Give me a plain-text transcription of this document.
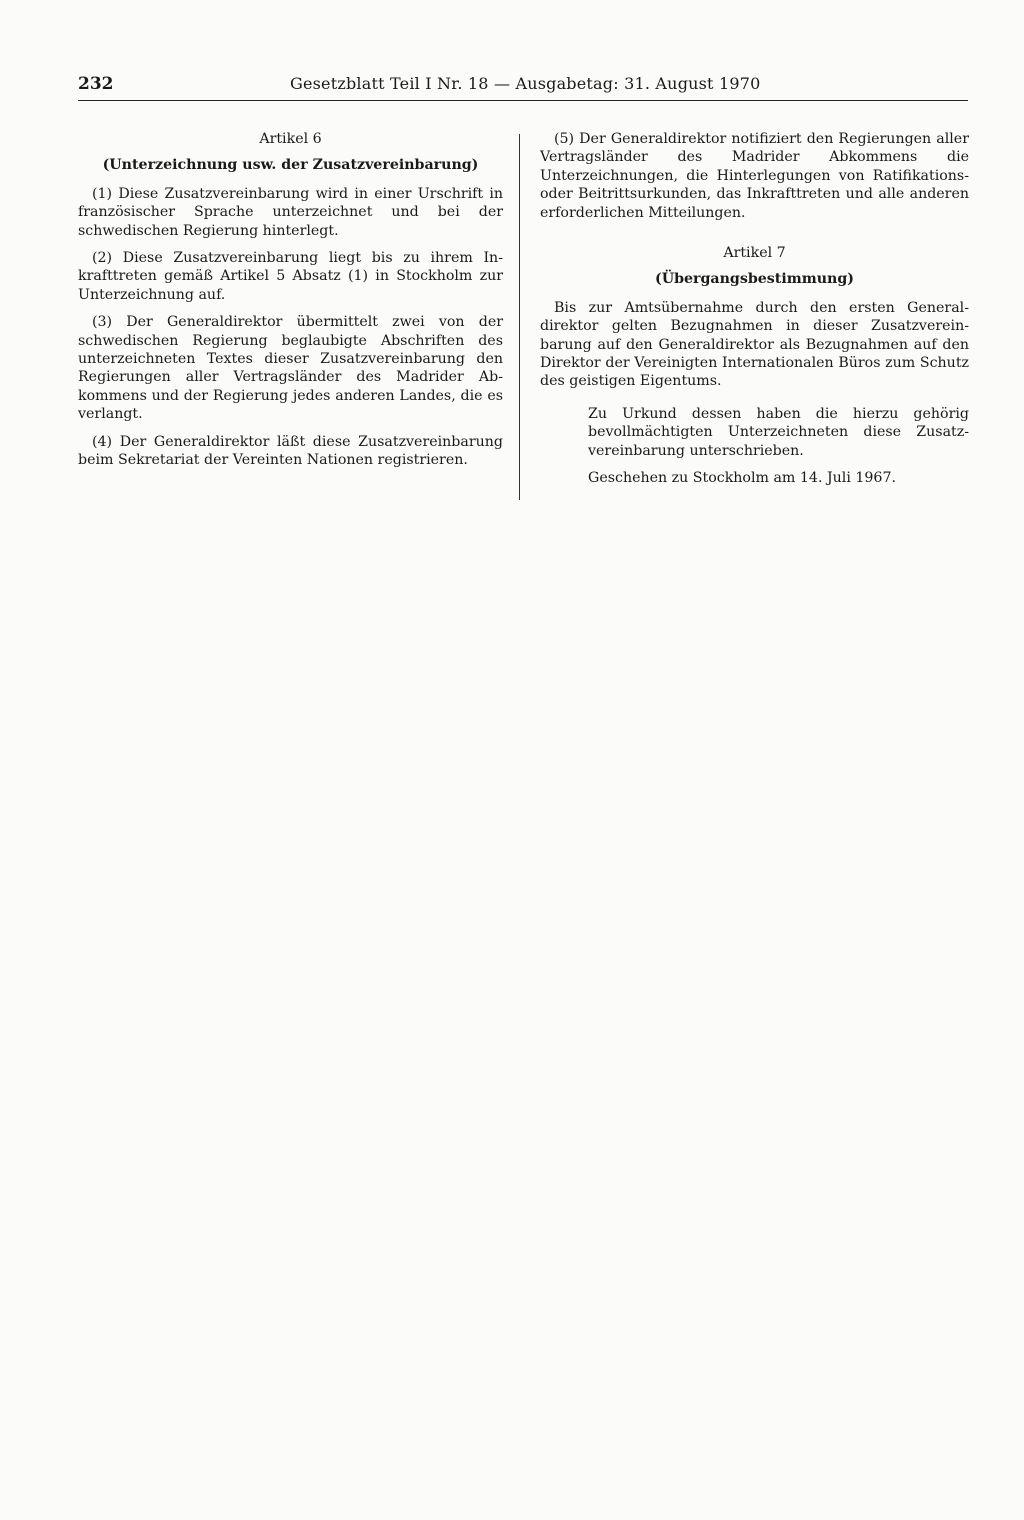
232	Gesetzblatt Teil I Nr. 18 — Ausgabetag: 31. August 1970
Artikel 6
(Unterzeichnung usw. der Zusatzvereinbarung)

(1) Diese Zusatzvereinbarung wird in einer Urschrift in französischer Sprache unterzeichnet und bei der schwedischen Regierung hinterlegt.

(2) Diese Zusatzvereinbarung liegt bis zu ihrem Inkrafttreten gemäß Artikel 5 Absatz (1) in Stockholm zur Unterzeichnung auf.

(3) Der Generaldirektor übermittelt zwei von der schwedischen Regierung beglaubigte Abschriften des unterzeichneten Textes dieser Zusatzvereinbarung den Regierungen aller Vertragsländer des Madrider Abkommens und der Regierung jedes anderen Landes, die es verlangt.

(4) Der Generaldirektor läßt diese Zusatzvereinbarung beim Sekretariat der Vereinten Nationen registrieren.

(5) Der Generaldirektor notifiziert den Regierungen aller Vertragsländer des Madrider Abkommens die Unterzeichnungen, die Hinterlegungen von Ratifikations- oder Beitrittsurkunden, das Inkrafttreten und alle anderen erforderlichen Mitteilungen.

Artikel 7
(Übergangsbestimmung)

Bis zur Amtsübernahme durch den ersten Generaldirektor gelten Bezugnahmen in dieser Zusatzvereinbarung auf den Generaldirektor als Bezugnahmen auf den Direktor der Vereinigten Internationalen Büros zum Schutz des geistigen Eigentums.

Zu Urkund dessen haben die hierzu gehörig bevollmächtigten Unterzeichneten diese Zusatzvereinbarung unterschrieben.

Geschehen zu Stockholm am 14. Juli 1967.
